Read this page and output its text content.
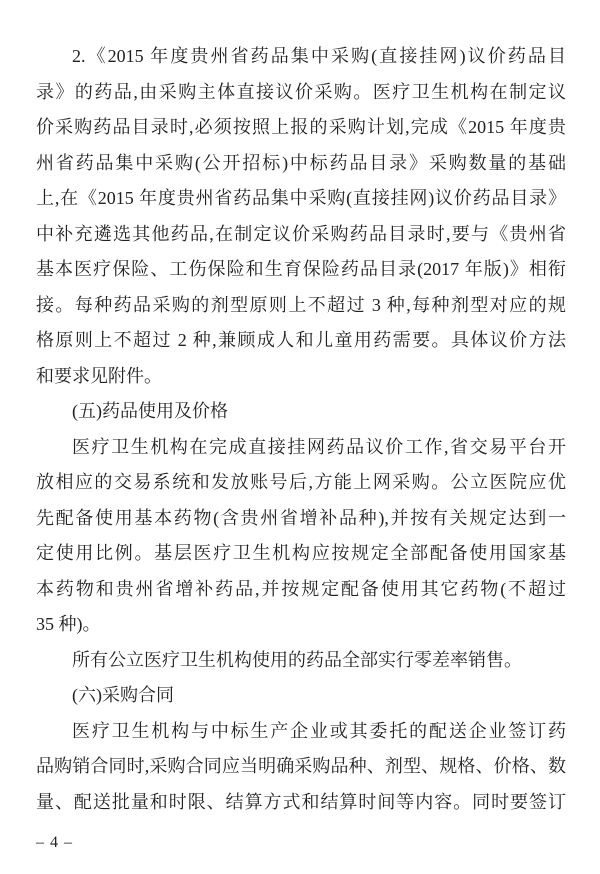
2.《2015 年度贵州省药品集中采购(直接挂网)议价药品目
录》的药品,由采购主体直接议价采购。医疗卫生机构在制定议
价采购药品目录时,必须按照上报的采购计划,完成《2015 年度贵
州省药品集中采购(公开招标)中标药品目录》采购数量的基础
上,在《2015 年度贵州省药品集中采购(直接挂网)议价药品目录》
中补充遴选其他药品,在制定议价采购药品目录时,要与《贵州省
基本医疗保险、工伤保险和生育保险药品目录(2017 年版)》相衔
接。每种药品采购的剂型原则上不超过 3 种,每种剂型对应的规
格原则上不超过 2 种,兼顾成人和儿童用药需要。具体议价方法
和要求见附件。
(五)药品使用及价格
医疗卫生机构在完成直接挂网药品议价工作,省交易平台开
放相应的交易系统和发放账号后,方能上网采购。公立医院应优
先配备使用基本药物(含贵州省增补品种),并按有关规定达到一
定使用比例。基层医疗卫生机构应按规定全部配备使用国家基
本药物和贵州省增补药品,并按规定配备使用其它药物(不超过
35 种)。
所有公立医疗卫生机构使用的药品全部实行零差率销售。
(六)采购合同
医疗卫生机构与中标生产企业或其委托的配送企业签订药
品购销合同时,采购合同应当明确采购品种、剂型、规格、价格、数
量、配送批量和时限、结算方式和结算时间等内容。同时要签订
– 4 –
